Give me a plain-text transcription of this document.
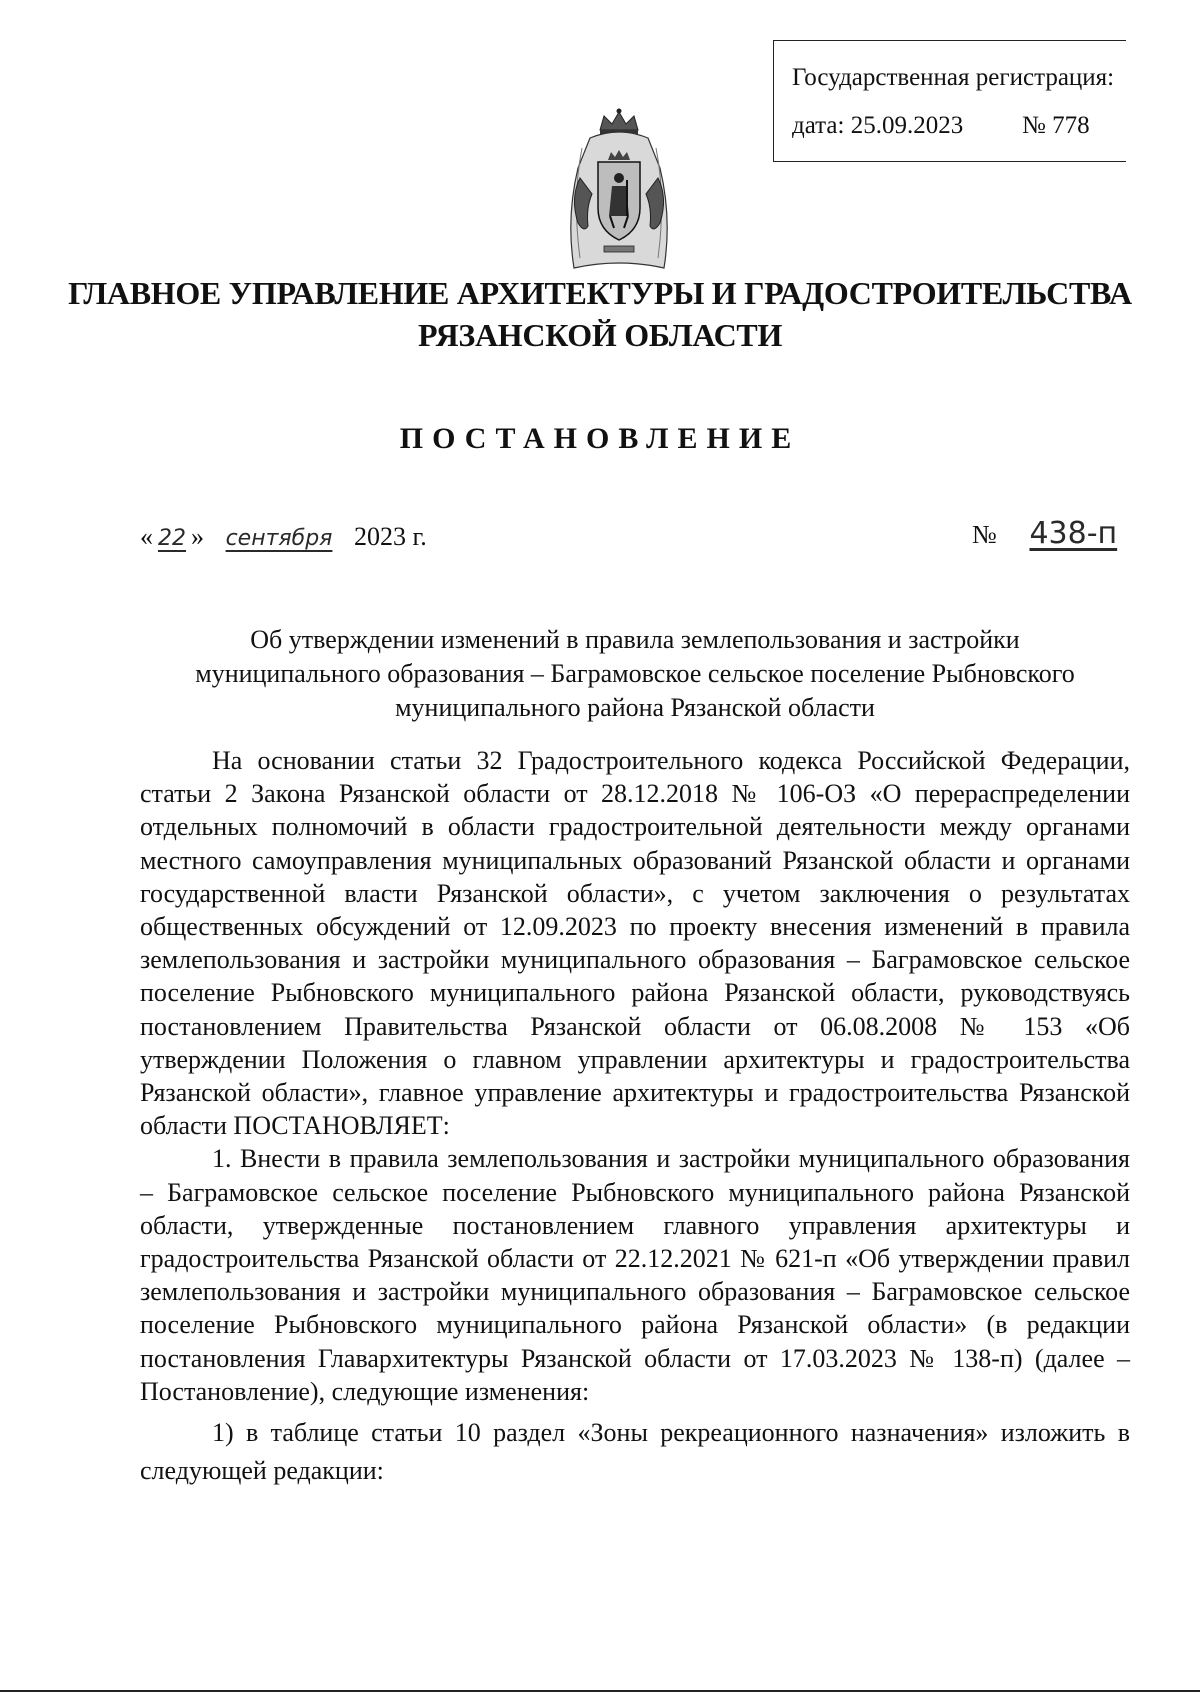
Государственная регистрация:
дата: 25.09.2023 № 778
ГЛАВНОЕ УПРАВЛЕНИЕ АРХИТЕКТУРЫ И ГРАДОСТРОИТЕЛЬСТВА
РЯЗАНСКОЙ ОБЛАСТИ
ПОСТАНОВЛЕНИЕ
« 22 » сентября 2023 г.	№ 438-п
Об утверждении изменений в правила землепользования и застройки
муниципального образования – Баграмовское сельское поселение Рыбновского
муниципального района Рязанской области

На основании статьи 32 Градостроительного кодекса Российской Федерации, статьи 2 Закона Рязанской области от 28.12.2018 № 106-ОЗ «О перераспределении отдельных полномочий в области градостроительной деятельности между органами местного самоуправления муниципальных образований Рязанской области и органами государственной власти Рязанской области», с учетом заключения о результатах общественных обсуждений от 12.09.2023 по проекту внесения изменений в правила землепользования и застройки муниципального образования – Баграмовское сельское поселение Рыбновского муниципального района Рязанской области, руководствуясь постановлением Правительства Рязанской области от 06.08.2008 № 153 «Об утверждении Положения о главном управлении архитектуры и градостроительства Рязанской области», главное управление архитектуры и градостроительства Рязанской области ПОСТАНОВЛЯЕТ:

1. Внести в правила землепользования и застройки муниципального образования – Баграмовское сельское поселение Рыбновского муниципального района Рязанской области, утвержденные постановлением главного управления архитектуры и градостроительства Рязанской области от 22.12.2021 № 621-п «Об утверждении правил землепользования и застройки муниципального образования – Баграмовское сельское поселение Рыбновского муниципального района Рязанской области» (в редакции постановления Главархитектуры Рязанской области от 17.03.2023 № 138-п) (далее – Постановление), следующие изменения:

1) в таблице статьи 10 раздел «Зоны рекреационного назначения» изложить в следующей редакции:
